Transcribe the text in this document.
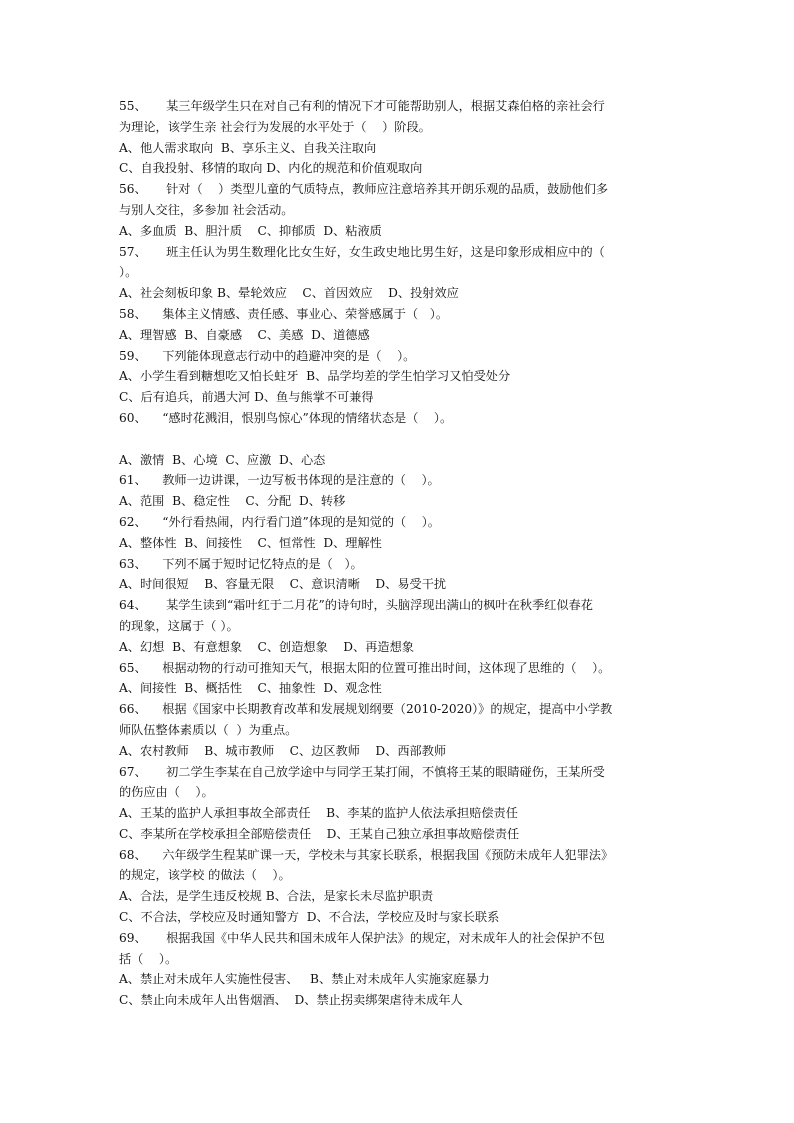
55、     某三年级学生只在对自己有利的情况下才可能帮助别人，根据艾森伯格的亲社会行
为理论，该学生亲 社会行为发展的水平处于（    ）阶段。
A、他人需求取向  B、享乐主义、自我关注取向
C、自我投射、移情的取向 D、内化的规范和价值观取向
56、     针对（    ）类型儿童的气质特点，教师应注意培养其开朗乐观的品质，鼓励他们多
与别人交往，多参加 社会活动。
A、多血质  B、胆汁质    C、抑郁质  D、粘液质
57、     班主任认为男生数理化比女生好，女生政史地比男生好，这是印象形成相应中的（
）。
A、社会刻板印象 B、晕轮效应    C、首因效应    D、投射效应
58、    集体主义情感、责任感、事业心、荣誉感属于（   ）。
A、理智感  B、自豪感    C、美感  D、道德感
59、    下列能体现意志行动中的趋避冲突的是（    ）。
A、小学生看到糖想吃又怕长蛀牙  B、品学均差的学生怕学习又怕受处分
C、后有追兵，前遇大河 D、鱼与熊掌不可兼得
60、    “感时花溅泪，恨别鸟惊心”体现的情绪状态是（    ）。
A、激情  B、心境  C、应激  D、心态
61、    教师一边讲课，一边写板书体现的是注意的（    ）。
A、范围  B、稳定性    C、分配  D、转移
62、    “外行看热闹，内行看门道”体现的是知觉的（    ）。
A、整体性  B、间接性    C、恒常性  D、理解性
63、    下列不属于短时记忆特点的是（   ）。
A、时间很短    B、容量无限    C、意识清晰    D、易受干扰
64、     某学生读到“霜叶红于二月花”的诗句时，头脑浮现出满山的枫叶在秋季红似春花
的现象，这属于（ ）。
A、幻想  B、有意想象    C、创造想象    D、再造想象
65、    根据动物的行动可推知天气，根据太阳的位置可推出时间，这体现了思维的（    ）。
A、间接性  B、概括性    C、抽象性  D、观念性
66、    根据《国家中长期教育改革和发展规划纲要（2010-2020）》的规定，提高中小学教
师队伍整体素质以（  ）为重点。
A、农村教师    B、城市教师    C、边区教师    D、西部教师
67、     初二学生李某在自己放学途中与同学王某打闹，不慎将王某的眼睛碰伤，王某所受
的伤应由（    ）。
A、王某的监护人承担事故全部责任    B、李某的监护人依法承担赔偿责任
C、李某所在学校承担全部赔偿责任    D、王某自己独立承担事故赔偿责任
68、    六年级学生程某旷课一天，学校未与其家长联系，根据我国《预防未成年人犯罪法》
的规定，该学校 的做法（    ）。
A、合法，是学生违反校规 B、合法，是家长未尽监护职责
C、不合法，学校应及时通知警方  D、不合法，学校应及时与家长联系
69、     根据我国《中华人民共和国未成年人保护法》的规定，对未成年人的社会保护不包
括（    ）。
A、禁止对未成年人实施性侵害、   B、禁止对未成年人实施家庭暴力
C、禁止向未成年人出售烟酒、  D、禁止拐卖绑架虐待未成年人
